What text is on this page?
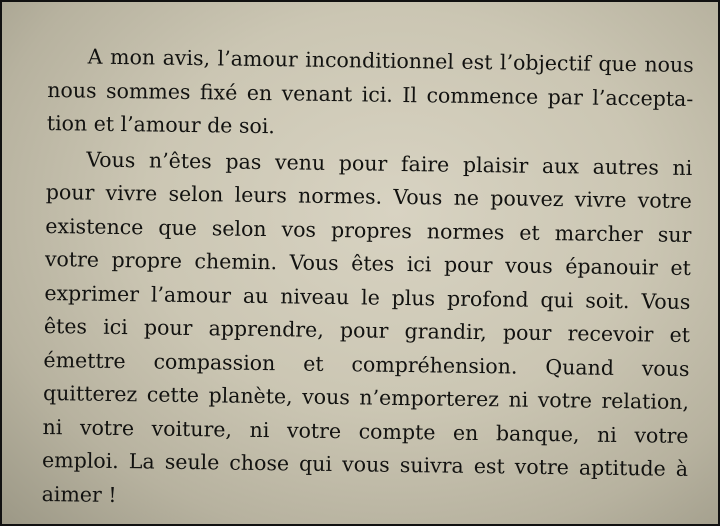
A mon avis, l’amour inconditionnel est l’objectif que nous
nous sommes fixé en venant ici. Il commence par l’accepta-
tion et l’amour de soi.
Vous n’êtes pas venu pour faire plaisir aux autres ni
pour vivre selon leurs normes. Vous ne pouvez vivre votre
existence que selon vos propres normes et marcher sur
votre propre chemin. Vous êtes ici pour vous épanouir et
exprimer l’amour au niveau le plus profond qui soit. Vous
êtes ici pour apprendre, pour grandir, pour recevoir et
émettre compassion et compréhension. Quand vous
quitterez cette planète, vous n’emporterez ni votre relation,
ni votre voiture, ni votre compte en banque, ni votre
emploi. La seule chose qui vous suivra est votre aptitude à
aimer !
